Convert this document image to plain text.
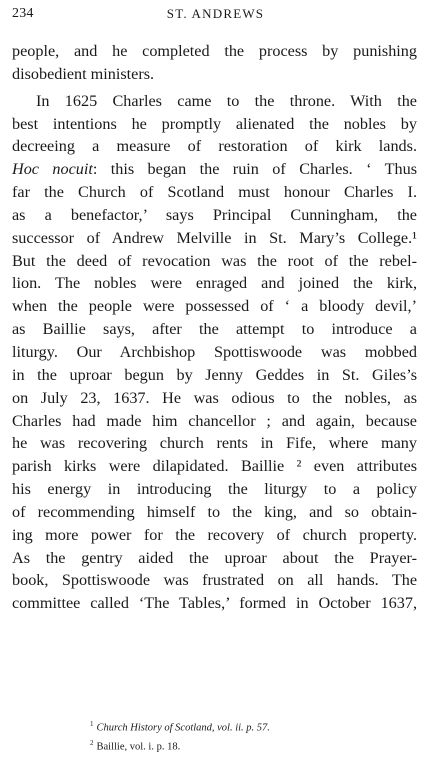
234	ST. ANDREWS
people, and he completed the process by punishing
disobedient ministers.
In 1625 Charles came to the throne. With the
best intentions he promptly alienated the nobles by
decreeing a measure of restoration of kirk lands.
Hoc nocuit: this began the ruin of Charles. ‘ Thus
far the Church of Scotland must honour Charles I.
as a benefactor,’ says Principal Cunningham, the
successor of Andrew Melville in St. Mary’s College.¹
But the deed of revocation was the root of the rebel-
lion. The nobles were enraged and joined the kirk,
when the people were possessed of ‘ a bloody devil,’
as Baillie says, after the attempt to introduce a
liturgy. Our Archbishop Spottiswoode was mobbed
in the uproar begun by Jenny Geddes in St. Giles’s
on July 23, 1637. He was odious to the nobles, as
Charles had made him chancellor ; and again, because
he was recovering church rents in Fife, where many
parish kirks were dilapidated. Baillie ² even attributes
his energy in introducing the liturgy to a policy
of recommending himself to the king, and so obtain-
ing more power for the recovery of church property.
As the gentry aided the uproar about the Prayer-
book, Spottiswoode was frustrated on all hands. The
committee called ‘The Tables,’ formed in October 1637,
$^1$ Church History of Scotland, vol. ii. p. 57.
$^2$ Baillie, vol. i. p. 18.
